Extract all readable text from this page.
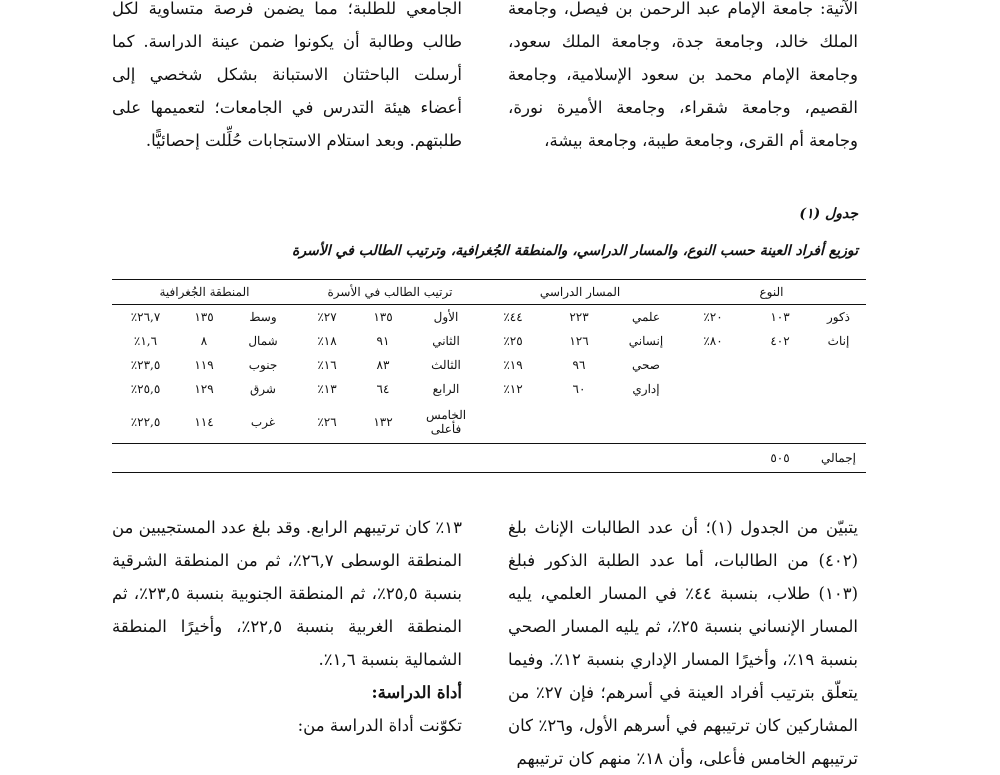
الآتية: جامعة الإمام عبد الرحمن بن فيصل، وجامعة الملك خالد، وجامعة جدة، وجامعة الملك سعود، وجامعة الإمام محمد بن سعود الإسلامية، وجامعة القصيم، وجامعة شقراء، وجامعة الأميرة نورة، وجامعة أم القرى، وجامعة طيبة، وجامعة بيشة،

الجامعي للطلبة؛ مما يضمن فرصة متساوية لكل طالب وطالبة أن يكونوا ضمن عينة الدراسة. كما أرسلت الباحثتان الاستبانة بشكل شخصي إلى أعضاء هيئة التدرس في الجامعات؛ لتعميمها على طلبتهم. وبعد استلام الاستجابات حُلِّلت إحصائيًّا.

جدول (١)
توزيع أفراد العينة حسب النوع، والمسار الدراسي، والمنطقة الجُغرافية، وترتيب الطالب في الأسرة
النوع			المسار الدراسي			ترتيب الطالب في الأسرة			المنطقة الجُغرافية		
ذكور	١٠٣	٢٠٪	علمي	٢٢٣	٤٤٪	الأول	١٣٥	٢٧٪	وسط	١٣٥	٢٦,٧٪
إناث	٤٠٢	٨٠٪	إنساني	١٢٦	٢٥٪	الثاني	٩١	١٨٪	شمال	٨	١,٦٪
			صحي	٩٦	١٩٪	الثالث	٨٣	١٦٪	جنوب	١١٩	٢٣,٥٪
			إداري	٦٠	١٢٪	الرابع	٦٤	١٣٪	شرق	١٢٩	٢٥,٥٪
						الخامس فأعلى	١٣٢	٢٦٪	غرب	١١٤	٢٢,٥٪
إجمالي	٥٠٥										

يتبيّن من الجدول (١)؛ أن عدد الطالبات الإناث بلغ (٤٠٢) من الطالبات، أما عدد الطلبة الذكور فبلغ (١٠٣) طلاب، بنسبة ٤٤٪ في المسار العلمي، يليه المسار الإنساني بنسبة ٢٥٪، ثم يليه المسار الصحي بنسبة ١٩٪، وأخيرًا المسار الإداري بنسبة ١٢٪. وفيما يتعلّق بترتيب أفراد العينة في أسرهم؛ فإن ٢٧٪ من المشاركين كان ترتيبهم في أسرهم الأول، و٢٦٪ كان ترتيبهم الخامس فأعلى، وأن ١٨٪ منهم كان ترتيبهم

١٣٪ كان ترتيبهم الرابع. وقد بلغ عدد المستجيبين من المنطقة الوسطى ٢٦,٧٪، ثم من المنطقة الشرقية بنسبة ٢٥,٥٪، ثم المنطقة الجنوبية بنسبة ٢٣,٥٪، ثم المنطقة الغربية بنسبة ٢٢,٥٪، وأخيرًا المنطقة الشمالية بنسبة ١,٦٪.

أداة الدراسة:

تكوّنت أداة الدراسة من:
